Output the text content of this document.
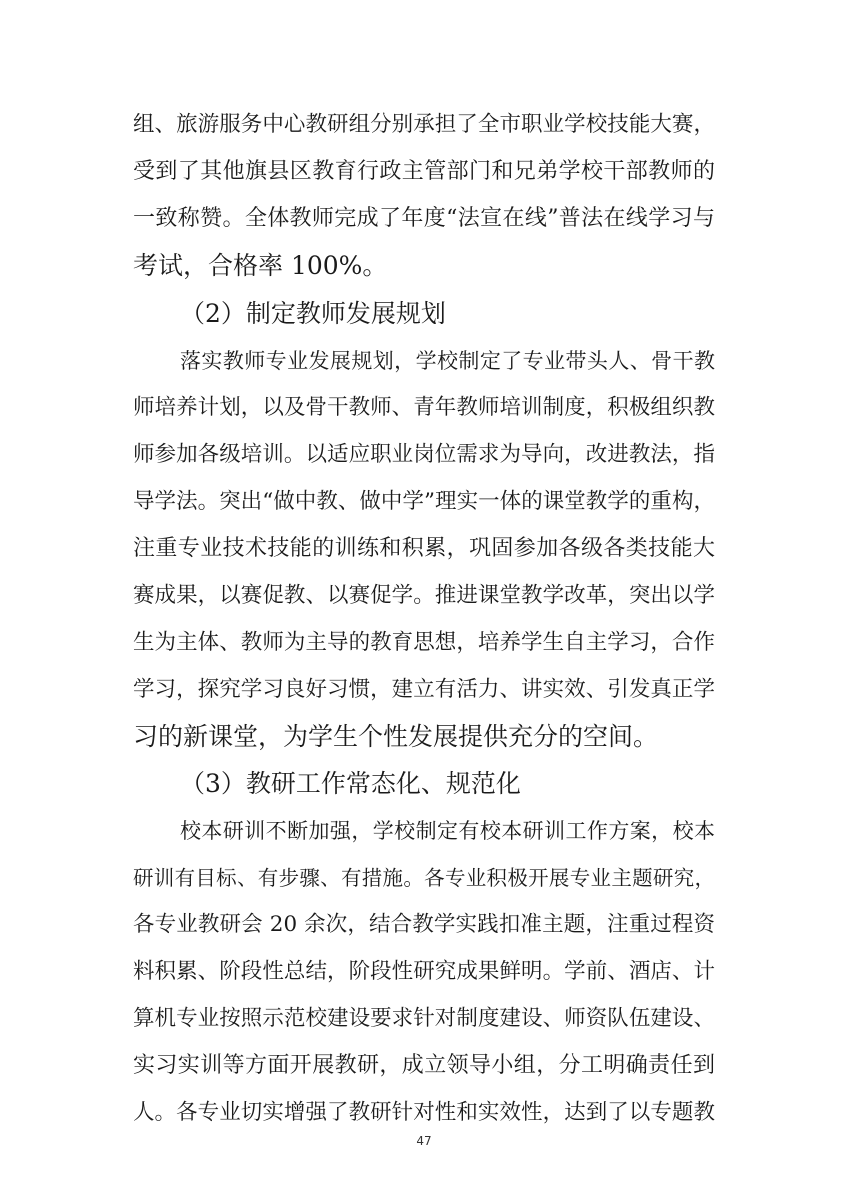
组、旅游服务中心教研组分别承担了全市职业学校技能大赛，
受到了其他旗县区教育行政主管部门和兄弟学校干部教师的
一致称赞。全体教师完成了年度“法宣在线”普法在线学习与
考试，合格率 100%。
（2）制定教师发展规划
落实教师专业发展规划，学校制定了专业带头人、骨干教
师培养计划，以及骨干教师、青年教师培训制度，积极组织教
师参加各级培训。以适应职业岗位需求为导向，改进教法，指
导学法。突出“做中教、做中学”理实一体的课堂教学的重构，
注重专业技术技能的训练和积累，巩固参加各级各类技能大
赛成果，以赛促教、以赛促学。推进课堂教学改革，突出以学
生为主体、教师为主导的教育思想，培养学生自主学习，合作
学习，探究学习良好习惯，建立有活力、讲实效、引发真正学
习的新课堂，为学生个性发展提供充分的空间。
（3）教研工作常态化、规范化
校本研训不断加强，学校制定有校本研训工作方案，校本
研训有目标、有步骤、有措施。各专业积极开展专业主题研究，
各专业教研会 20 余次，结合教学实践扣准主题，注重过程资
料积累、阶段性总结，阶段性研究成果鲜明。学前、酒店、计
算机专业按照示范校建设要求针对制度建设、师资队伍建设、
实习实训等方面开展教研，成立领导小组，分工明确责任到
人。各专业切实增强了教研针对性和实效性，达到了以专题教
47
